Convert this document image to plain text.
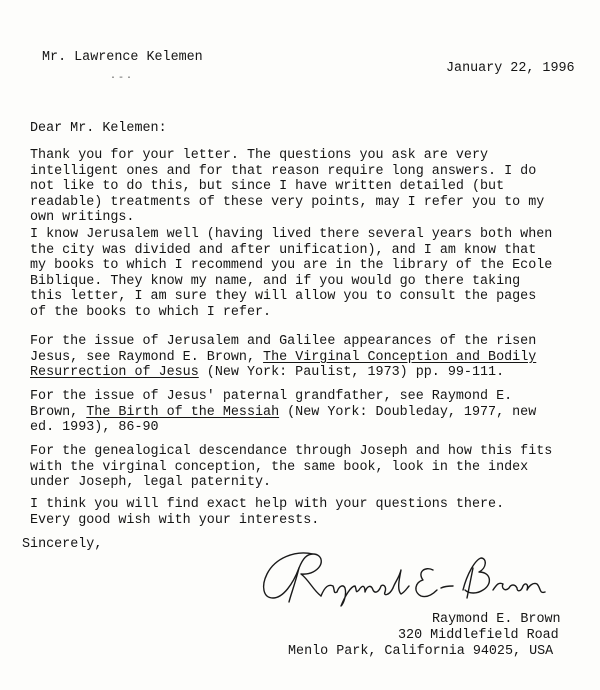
Mr. Lawrence Kelemen
·-·
January 22, 1996
Dear Mr. Kelemen:
Thank you for your letter. The questions you ask are very
intelligent ones and for that reason require long answers. I do
not like to do this, but since I have written detailed (but
readable) treatments of these very points, may I refer you to my
own writings.
I know Jerusalem well (having lived there several years both when
the city was divided and after unification), and I am know that
my books to which I recommend you are in the library of the Ecole
Biblique. They know my name, and if you would go there taking
this letter, I am sure they will allow you to consult the pages
of the books to which I refer.
For the issue of Jerusalem and Galilee appearances of the risen
Jesus, see Raymond E. Brown, The Virginal Conception and Bodily
Resurrection of Jesus (New York: Paulist, 1973) pp. 99-111.
For the issue of Jesus' paternal grandfather, see Raymond E.
Brown, The Birth of the Messiah (New York: Doubleday, 1977, new
ed. 1993), 86-90
For the genealogical descendance through Joseph and how this fits
with the virginal conception, the same book, look in the index
under Joseph, legal paternity.
I think you will find exact help with your questions there.
Every good wish with your interests.
Sincerely,
Raymond E. Brown
320 Middlefield Road
Menlo Park, California 94025, USA
